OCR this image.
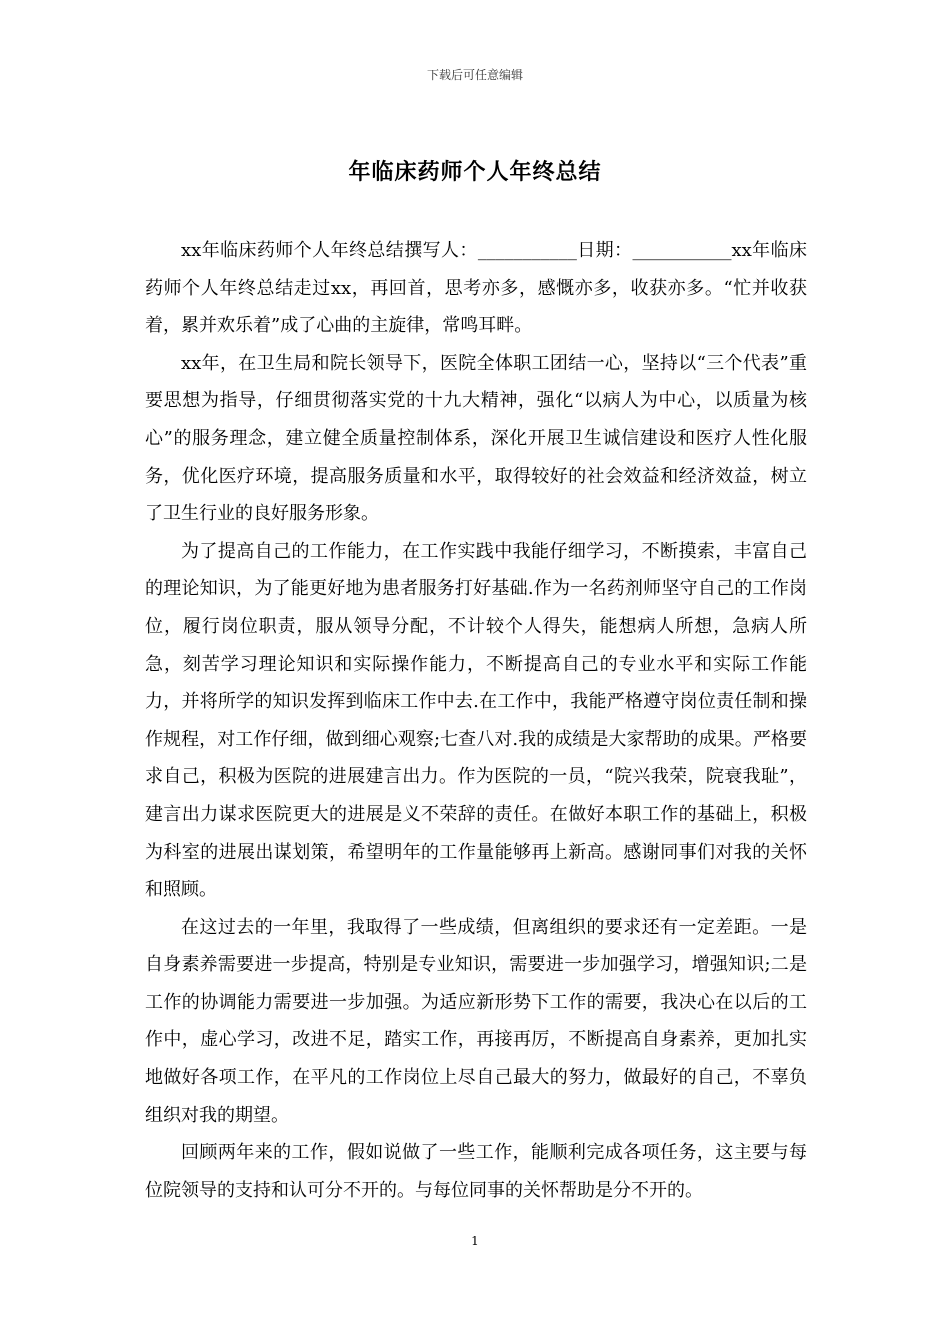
下载后可任意编辑
年临床药师个人年终总结

xx年临床药师个人年终总结撰写人：___________日期：___________xx年临床药师个人年终总结走过xx，再回首，思考亦多，感慨亦多，收获亦多。“忙并收获着，累并欢乐着”成了心曲的主旋律，常鸣耳畔。

xx年，在卫生局和院长领导下，医院全体职工团结一心，坚持以“三个代表”重要思想为指导，仔细贯彻落实党的十九大精神，强化“以病人为中心，以质量为核心”的服务理念，建立健全质量控制体系，深化开展卫生诚信建设和医疗人性化服务，优化医疗环境，提高服务质量和水平，取得较好的社会效益和经济效益，树立了卫生行业的良好服务形象。

为了提高自己的工作能力，在工作实践中我能仔细学习，不断摸索，丰富自己的理论知识，为了能更好地为患者服务打好基础.作为一名药剂师坚守自己的工作岗位，履行岗位职责，服从领导分配，不计较个人得失，能想病人所想，急病人所急，刻苦学习理论知识和实际操作能力，不断提高自己的专业水平和实际工作能力，并将所学的知识发挥到临床工作中去.在工作中，我能严格遵守岗位责任制和操作规程，对工作仔细，做到细心观察;七查八对.我的成绩是大家帮助的成果。严格要求自己，积极为医院的进展建言出力。作为医院的一员，“院兴我荣，院衰我耻”，建言出力谋求医院更大的进展是义不荣辞的责任。在做好本职工作的基础上，积极为科室的进展出谋划策，希望明年的工作量能够再上新高。感谢同事们对我的关怀和照顾。

在这过去的一年里，我取得了一些成绩，但离组织的要求还有一定差距。一是自身素养需要进一步提高，特别是专业知识，需要进一步加强学习，增强知识;二是工作的协调能力需要进一步加强。为适应新形势下工作的需要，我决心在以后的工作中，虚心学习，改进不足，踏实工作，再接再厉，不断提高自身素养，更加扎实地做好各项工作，在平凡的工作岗位上尽自己最大的努力，做最好的自己，不辜负组织对我的期望。

回顾两年来的工作，假如说做了一些工作，能顺利完成各项任务，这主要与每位院领导的支持和认可分不开的。与每位同事的关怀帮助是分不开的。

1
